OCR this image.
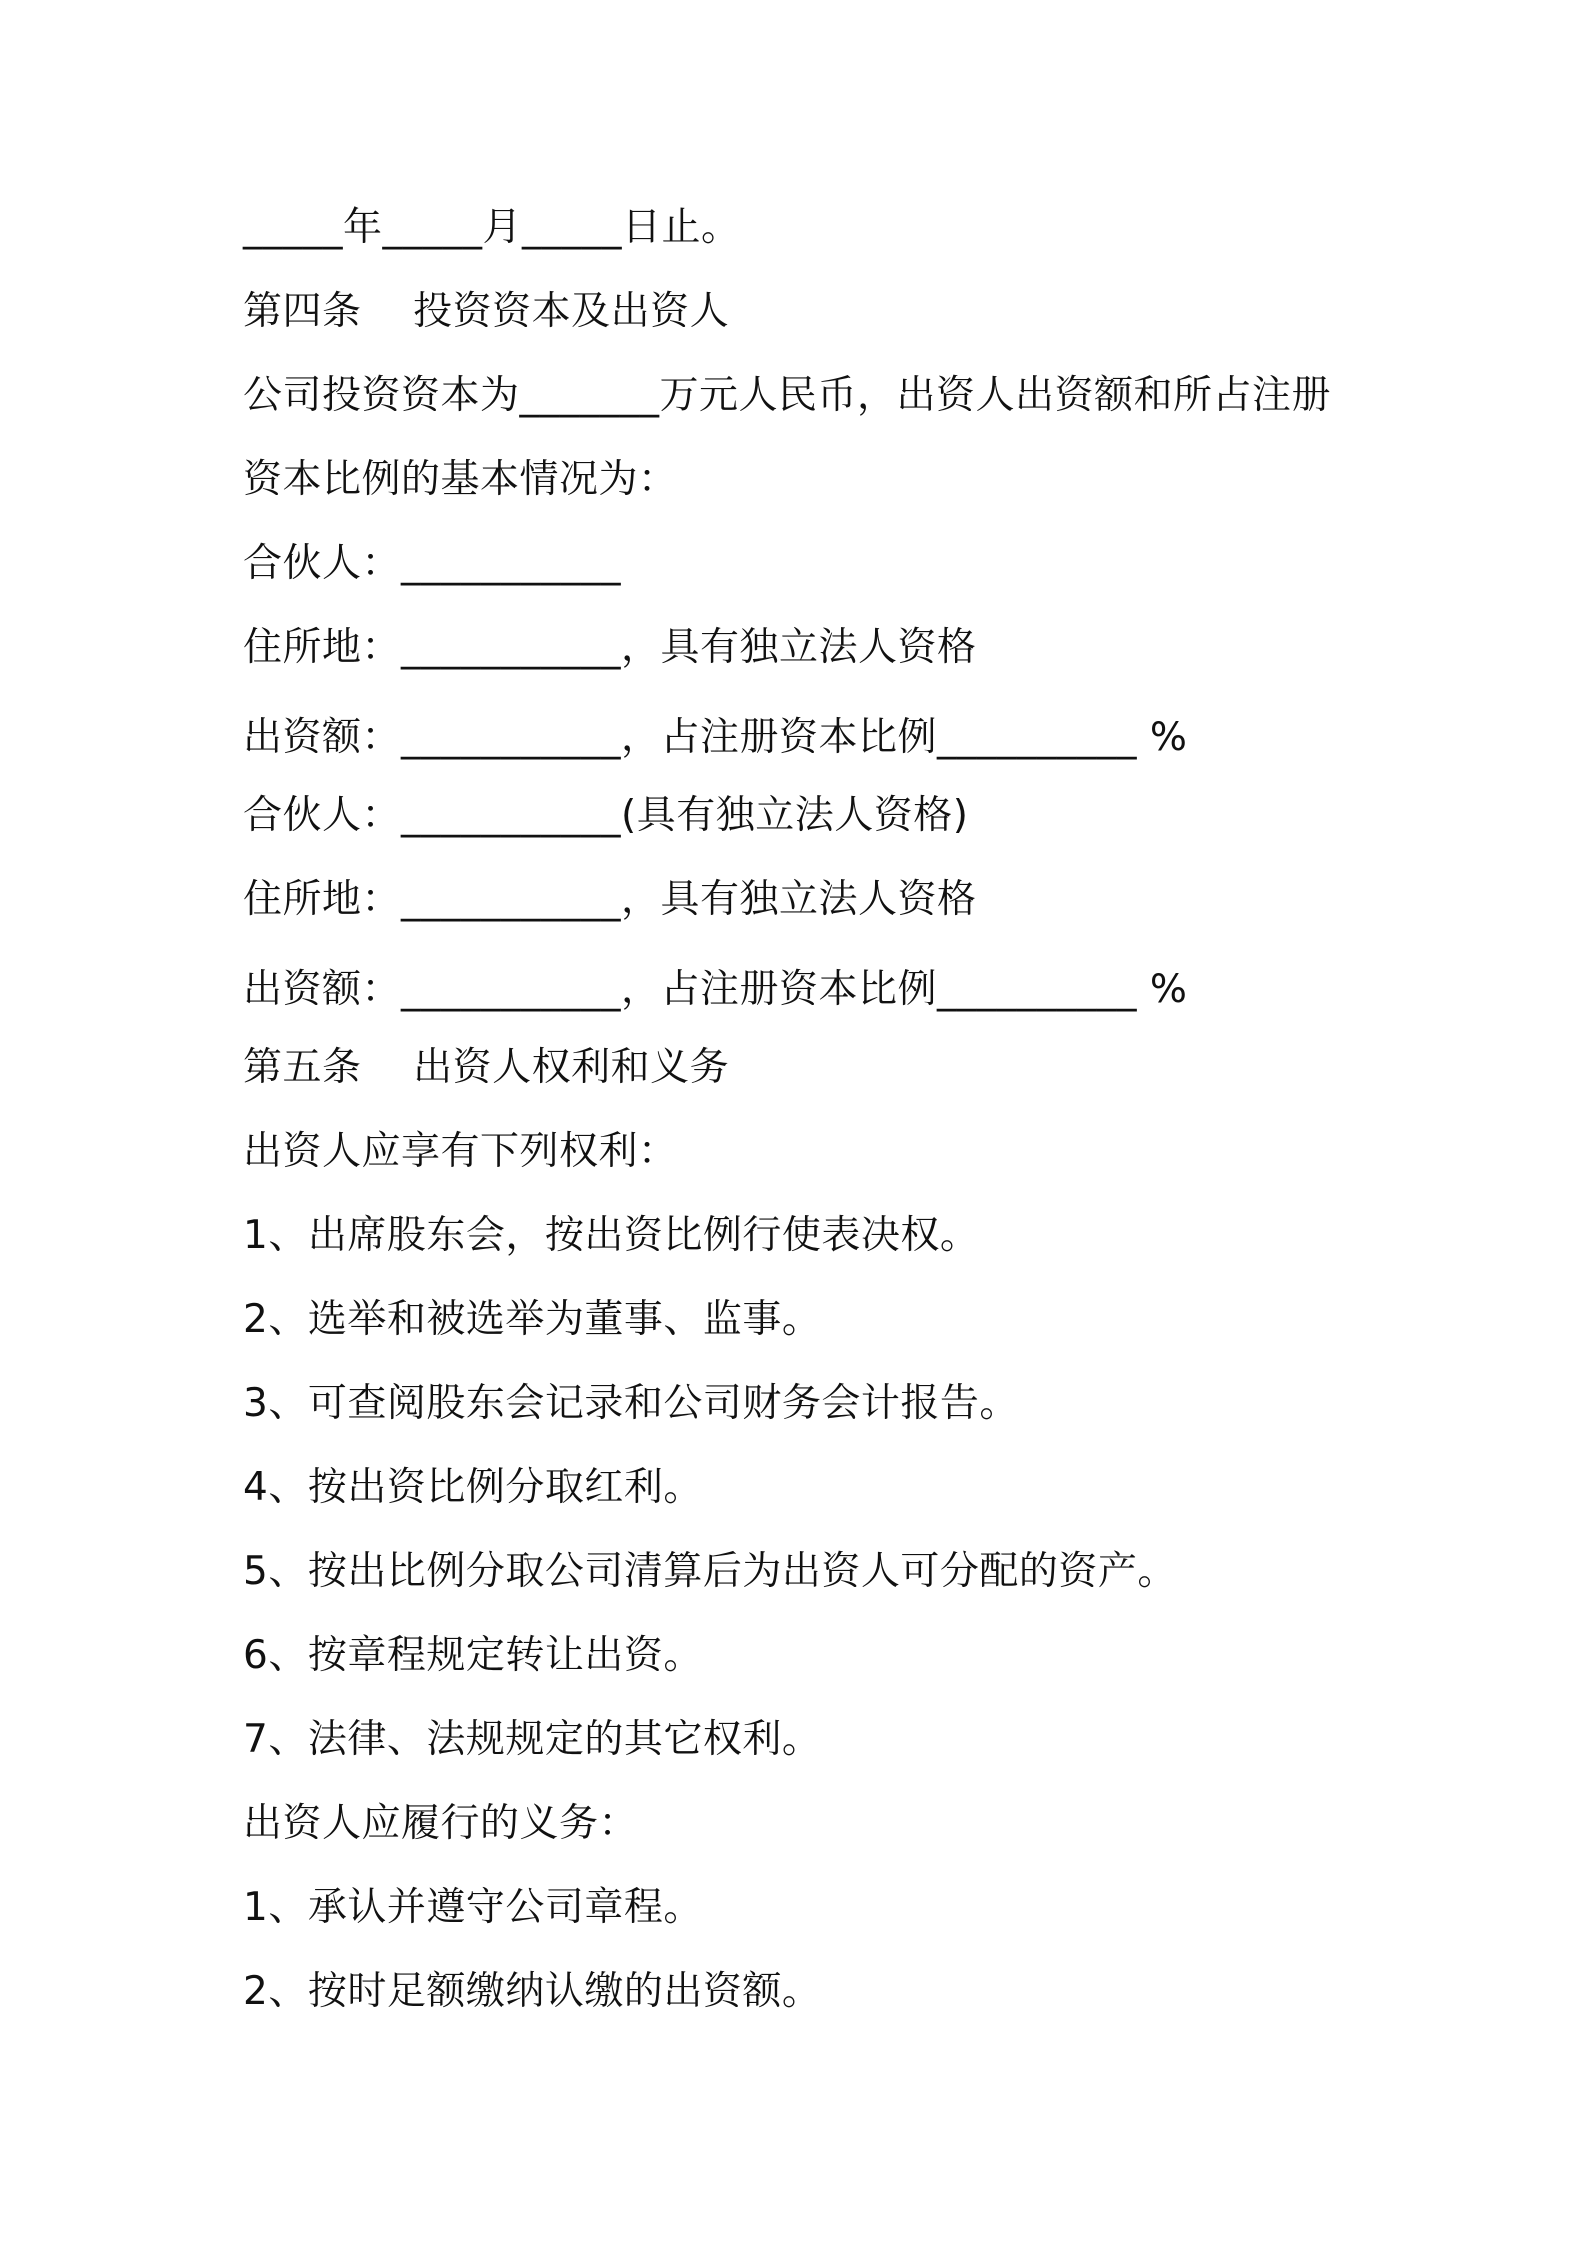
_____年_____月_____日止。
第四条    投资资本及出资人
公司投资资本为_______万元人民币，出资人出资额和所占注册
资本比例的基本情况为：
合伙人：___________
住所地：___________，具有独立法人资格
出资额：___________，占注册资本比例__________ %
合伙人：___________(具有独立法人资格)
住所地：___________，具有独立法人资格
出资额：___________，占注册资本比例__________ %
第五条    出资人权利和义务
出资人应享有下列权利：
1、出席股东会，按出资比例行使表决权。
2、选举和被选举为董事、监事。
3、可查阅股东会记录和公司财务会计报告。
4、按出资比例分取红利。
5、按出比例分取公司清算后为出资人可分配的资产。
6、按章程规定转让出资。
7、法律、法规规定的其它权利。
出资人应履行的义务：
1、承认并遵守公司章程。
2、按时足额缴纳认缴的出资额。
